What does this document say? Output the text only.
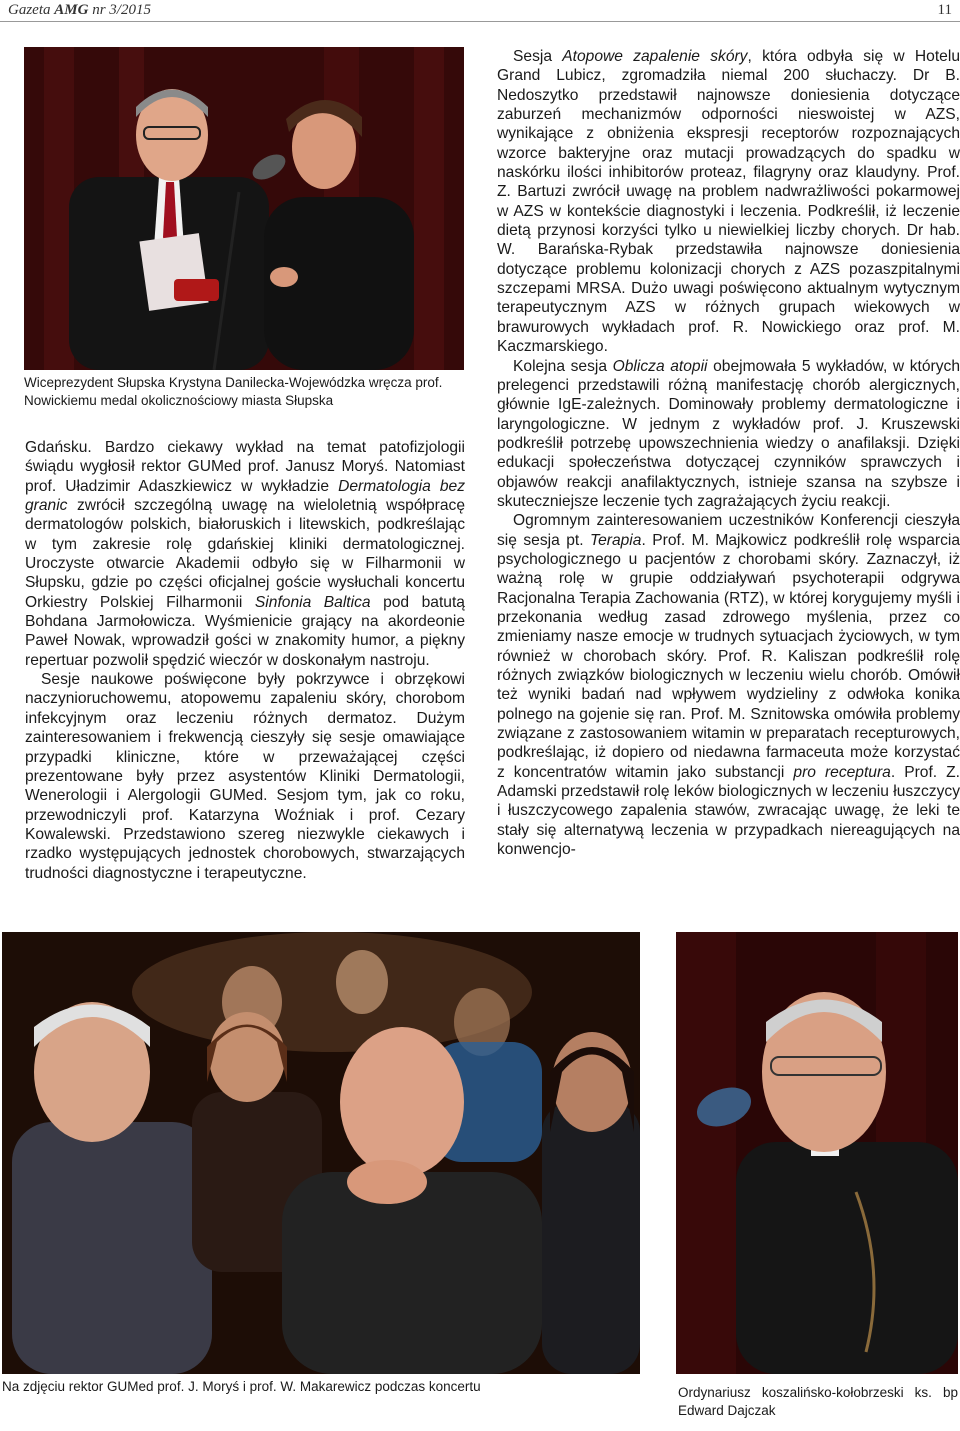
Gazeta AMG nr 3/2015	11
Wiceprezydent Słupska Krystyna Danilecka-Wojewódzka wręcza prof. Nowickiemu medal okolicznościowy miasta Słupska

Gdańsku. Bardzo ciekawy wykład na temat patofizjologii świądu wygłosił rektor GUMed prof. Janusz Moryś. Natomiast prof. Uładzimir Adaszkiewicz w wykładzie Dermatologia bez granic zwrócił szczególną uwagę na wieloletnią współpracę dermatologów polskich, białoruskich i litewskich, podkreślając w tym zakresie rolę gdańskiej kliniki dermatologicznej. Uroczyste otwarcie Akademii odbyło się w Filharmonii w Słupsku, gdzie po części oficjalnej goście wysłuchali koncertu Orkiestry Polskiej Filharmonii Sinfonia Baltica pod batutą Bohdana Jarmołowicza. Wyśmienicie grający na akordeonie Paweł Nowak, wprowadził gości w znakomity humor, a piękny repertuar pozwolił spędzić wieczór w doskonałym nastroju.

Sesje naukowe poświęcone były pokrzywce i obrzękowi naczynioruchowemu, atopowemu zapaleniu skóry, chorobom infekcyjnym oraz leczeniu różnych dermatoz. Dużym zainteresowaniem i frekwencją cieszyły się sesje omawiające przypadki kliniczne, które w przeważającej części prezentowane były przez asystentów Kliniki Dermatologii, Wenerologii i Alergologii GUMed. Sesjom tym, jak co roku, przewodniczyli prof. Katarzyna Woźniak i prof. Cezary Kowalewski. Przedstawiono szereg niezwykle ciekawych i rzadko występujących jednostek chorobowych, stwarzających trudności diagnostyczne i terapeutyczne.

Sesja Atopowe zapalenie skóry, która odbyła się w Hotelu Grand Lubicz, zgromadziła niemal 200 słuchaczy. Dr B. Nedoszytko przedstawił najnowsze doniesienia dotyczące zaburzeń mechanizmów odporności nieswoistej w AZS, wynikające z obniżenia ekspresji receptorów rozpoznających wzorce bakteryjne oraz mutacji prowadzących do spadku w naskórku ilości inhibitorów proteaz, filagryny oraz klaudyny. Prof. Z. Bartuzi zwrócił uwagę na problem nadwrażliwości pokarmowej w AZS w kontekście diagnostyki i leczenia. Podkreślił, iż leczenie dietą przynosi korzyści tylko u niewielkiej liczby chorych. Dr hab. W. Barańska-Rybak przedstawiła najnowsze doniesienia dotyczące problemu kolonizacji chorych z AZS pozaszpitalnymi szczepami MRSA. Dużo uwagi poświęcono aktualnym wytycznym terapeutycznym AZS w różnych grupach wiekowych w brawurowych wykładach prof. R. Nowickiego oraz prof. M. Kaczmarskiego.

Kolejna sesja Oblicza atopii obejmowała 5 wykładów, w których prelegenci przedstawili różną manifestację chorób alergicznych, głównie IgE-zależnych. Dominowały problemy dermatologiczne i laryngologiczne. W jednym z wykładów prof. J. Kruszewski podkreślił potrzebę upowszechnienia wiedzy o anafilaksji. Dzięki edukacji społeczeństwa dotyczącej czynników sprawczych i objawów reakcji anafilaktycznych, istnieje szansa na szybsze i skuteczniejsze leczenie tych zagrażających życiu reakcji.

Ogromnym zainteresowaniem uczestników Konferencji cieszyła się sesja pt. Terapia. Prof. M. Majkowicz podkreślił rolę wsparcia psychologicznego u pacjentów z chorobami skóry. Zaznaczył, iż ważną rolę w grupie oddziaływań psychoterapii odgrywa Racjonalna Terapia Zachowania (RTZ), w której korygujemy myśli i przekonania według zasad zdrowego myślenia, przez co zmieniamy nasze emocje w trudnych sytuacjach życiowych, w tym również w chorobach skóry. Prof. R. Kaliszan podkreślił rolę różnych związków biologicznych w leczeniu wielu chorób. Omówił też wyniki badań nad wpływem wydzieliny z odwłoka konika polnego na gojenie się ran. Prof. M. Sznitowska omówiła problemy związane z zastosowaniem witamin w preparatach recepturowych, podkreślając, iż dopiero od niedawna farmaceuta może korzystać z koncentratów witamin jako substancji pro receptura. Prof. Z. Adamski przedstawił rolę leków biologicznych w leczeniu łuszczycy i łuszczycowego zapalenia stawów, zwracając uwagę, że leki te stały się alternatywą leczenia w przypadkach niereagujących na konwencjo-

Na zdjęciu rektor GUMed prof. J. Moryś i prof. W. Makarewicz podczas koncertu	Ordynariusz koszalińsko-kołobrzeski ks. bp Edward Dajczak
